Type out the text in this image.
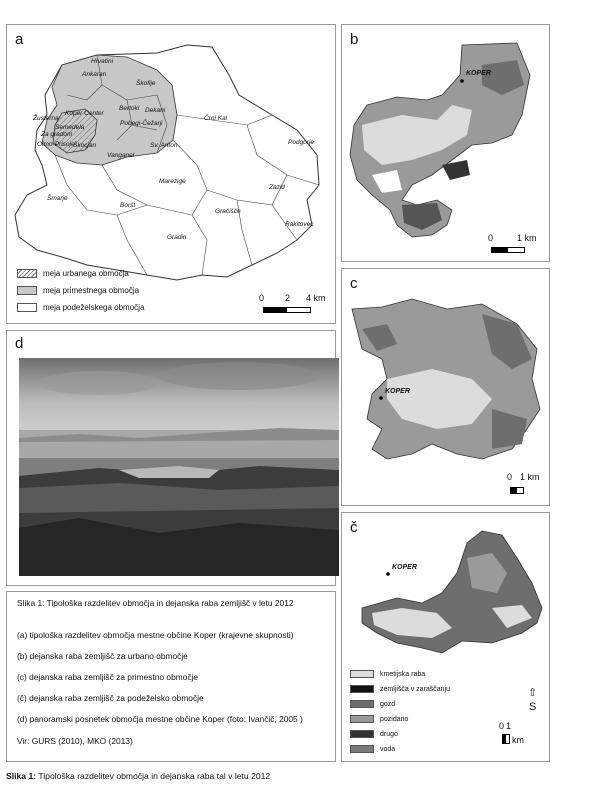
a
Hrvatini
Ankaran
Škofije
Bertoki Dekani
Koper Center
Semedela
Žusterna
Za gradom
Olmo-Prisoje
Škocjan
Pobegi-Čežarji
Vanganel
Sv. Anton
Črni Kal
Podgorje
Marezige
Šmarje
Boršt
Zazid
Gračišče
Rakitovec
Gradin
meja urbanega območja
meja primestnega območja
meja podeželskega območja
0 2 4 km
b
KOPER
0	1 km
c
KOPER
0 1 km
č
KOPER
kmetijska raba
zemljišča v zaraščanju
gozd
pozidano
drugo
voda
⇧
S
0 1
km
d
Slika 1: Tipološka razdelitev območja in dejanska raba zemljišč v letu 2012
(a) tipološka razdelitev območja mestne občine Koper (krajevne skupnosti)
(b) dejanska raba zemljišč za urbano območje
(c) dejanska raba zemljišč za primestno območje
(č) dejanska raba zemljišč za podeželsko območje
(d) panoramski posnetek območja mestne občine Koper (foto: Ivančič, 2005 )
Vir: GURS (2010), MKO (2013)
Slika 1: Tipološka razdelitev območja in dejanska raba tal v letu 2012
